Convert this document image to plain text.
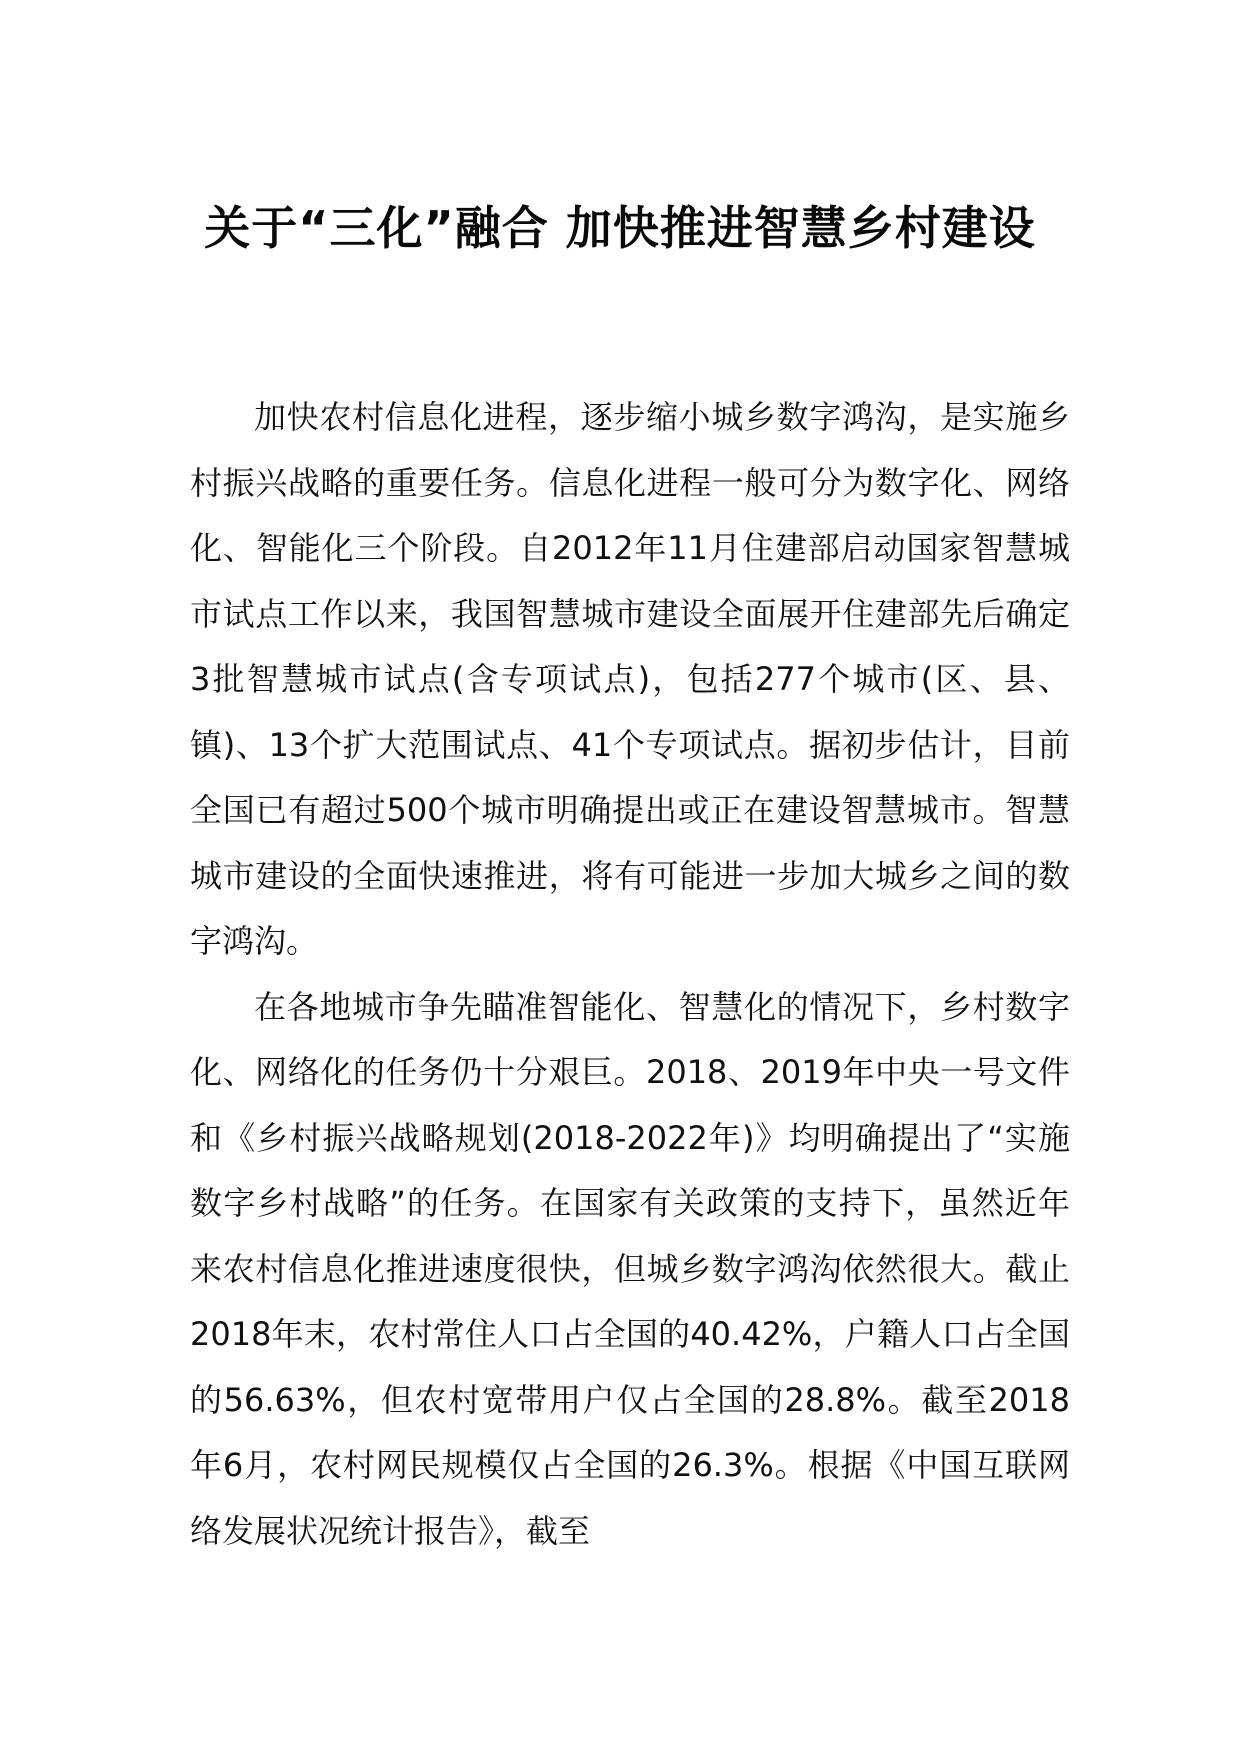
关于“三化”融合 加快推进智慧乡村建设

加快农村信息化进程，逐步缩小城乡数字鸿沟，是实施乡村振兴战略的重要任务。信息化进程一般可分为数字化、网络化、智能化三个阶段。自2012年11月住建部启动国家智慧城市试点工作以来，我国智慧城市建设全面展开住建部先后确定3批智慧城市试点(含专项试点)，包括277个城市(区、县、镇)、13个扩大范围试点、41个专项试点。据初步估计，目前全国已有超过500个城市明确提出或正在建设智慧城市。智慧城市建设的全面快速推进，将有可能进一步加大城乡之间的数字鸿沟。

在各地城市争先瞄准智能化、智慧化的情况下，乡村数字化、网络化的任务仍十分艰巨。2018、2019年中央一号文件和《乡村振兴战略规划(2018-2022年)》均明确提出了“实施数字乡村战略”的任务。在国家有关政策的支持下，虽然近年来农村信息化推进速度很快，但城乡数字鸿沟依然很大。截止2018年末，农村常住人口占全国的40.42%，户籍人口占全国的56.63%，但农村宽带用户仅占全国的28.8%。截至2018年6月，农村网民规模仅占全国的26.3%。根据《中国互联网络发展状况统计报告》，截至
